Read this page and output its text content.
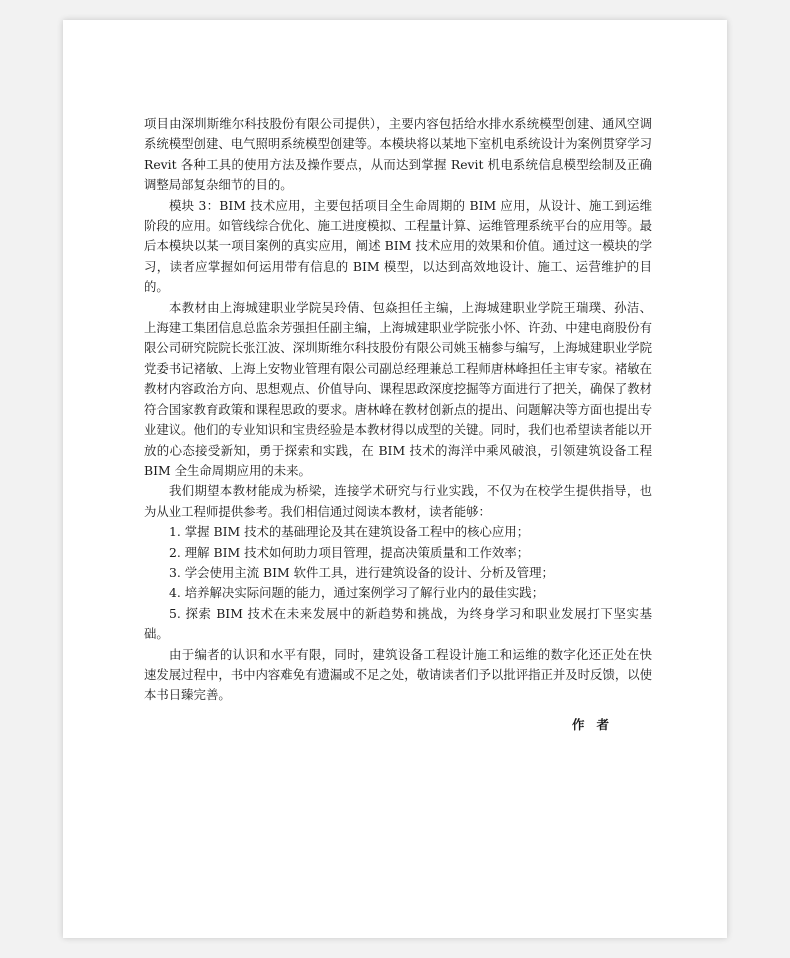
项目由深圳斯维尔科技股份有限公司提供），主要内容包括给水排水系统模型创建、通风空调系统模型创建、电气照明系统模型创建等。本模块将以某地下室机电系统设计为案例贯穿学习 Revit 各种工具的使用方法及操作要点，从而达到掌握 Revit 机电系统信息模型绘制及正确调整局部复杂细节的目的。

模块 3：BIM 技术应用，主要包括项目全生命周期的 BIM 应用，从设计、施工到运维阶段的应用。如管线综合优化、施工进度模拟、工程量计算、运维管理系统平台的应用等。最后本模块以某一项目案例的真实应用，阐述 BIM 技术应用的效果和价值。通过这一模块的学习，读者应掌握如何运用带有信息的 BIM 模型，以达到高效地设计、施工、运营维护的目的。

本教材由上海城建职业学院吴玲倩、包焱担任主编，上海城建职业学院王瑞璞、孙洁、上海建工集团信息总监余芳强担任副主编，上海城建职业学院张小怀、许劲、中建电商股份有限公司研究院院长张江波、深圳斯维尔科技股份有限公司姚玉楠参与编写，上海城建职业学院党委书记褚敏、上海上安物业管理有限公司副总经理兼总工程师唐林峰担任主审专家。褚敏在教材内容政治方向、思想观点、价值导向、课程思政深度挖掘等方面进行了把关，确保了教材符合国家教育政策和课程思政的要求。唐林峰在教材创新点的提出、问题解决等方面也提出专业建议。他们的专业知识和宝贵经验是本教材得以成型的关键。同时，我们也希望读者能以开放的心态接受新知，勇于探索和实践，在 BIM 技术的海洋中乘风破浪，引领建筑设备工程 BIM 全生命周期应用的未来。

我们期望本教材能成为桥梁，连接学术研究与行业实践，不仅为在校学生提供指导，也为从业工程师提供参考。我们相信通过阅读本教材，读者能够：

1. 掌握 BIM 技术的基础理论及其在建筑设备工程中的核心应用；

2. 理解 BIM 技术如何助力项目管理，提高决策质量和工作效率；

3. 学会使用主流 BIM 软件工具，进行建筑设备的设计、分析及管理；

4. 培养解决实际问题的能力，通过案例学习了解行业内的最佳实践；

5. 探索 BIM 技术在未来发展中的新趋势和挑战，为终身学习和职业发展打下坚实基础。

由于编者的认识和水平有限，同时，建筑设备工程设计施工和运维的数字化还正处在快速发展过程中，书中内容难免有遗漏或不足之处，敬请读者们予以批评指正并及时反馈，以使本书日臻完善。

作者
